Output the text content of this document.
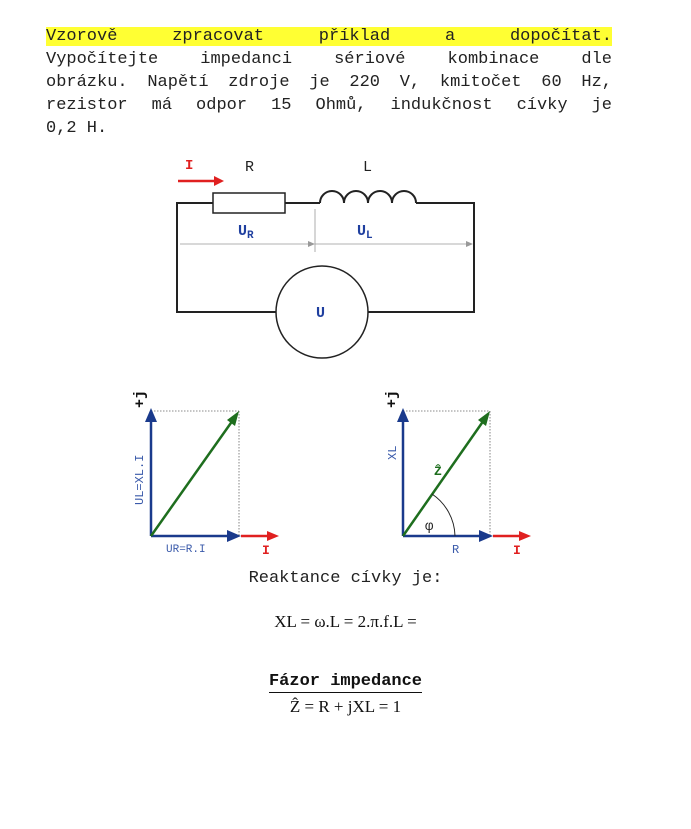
Vzorově zpracovat příklad a dopočítat.
Vypočítejte impedanci sériové kombinace dle
obrázku. Napětí zdroje je 220 V, kmitočet 60 Hz,
rezistor má odpor 15 Ohmů, indukčnost cívky je
0,2 H.
I	R	L
U
$U_R$	$U_L$
+j
UL=XL.I
I
UR=R.I
+j
XL
I
R
Ẑ
φ
Reaktance cívky je:
XL = ω.L = 2.π.f.L =
Fázor impedance
Ẑ = R + jXL = 1
